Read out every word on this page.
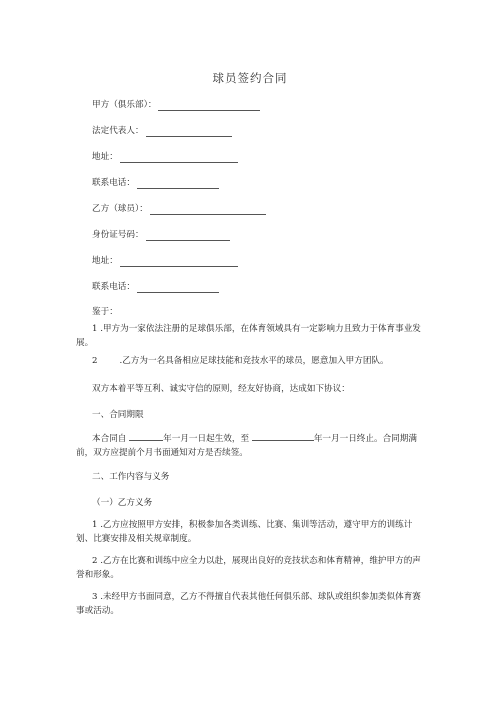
球员签约合同
甲方（俱乐部）：
法定代表人：
地址：
联系电话：
乙方（球员）：
身份证号码：
地址：
联系电话：
鉴于：
1 .甲方为一家依法注册的足球俱乐部，在体育领域具有一定影响力且致力于体育事业发展。
2	.乙方为一名具备相应足球技能和竞技水平的球员，愿意加入甲方团队。
双方本着平等互利、诚实守信的原则，经友好协商，达成如下协议：
一、合同期限
本合同自	年一月一日起生效，至	年一月一日终止。合同期满前，双方应提前个月书面通知对方是否续签。
二、工作内容与义务
（一）乙方义务
1 .乙方应按照甲方安排，积极参加各类训练、比赛、集训等活动，遵守甲方的训练计划、比赛安排及相关规章制度。
2 .乙方在比赛和训练中应全力以赴，展现出良好的竞技状态和体育精神，维护甲方的声誉和形象。
3 .未经甲方书面同意，乙方不得擅自代表其他任何俱乐部、球队或组织参加类似体育赛事或活动。
